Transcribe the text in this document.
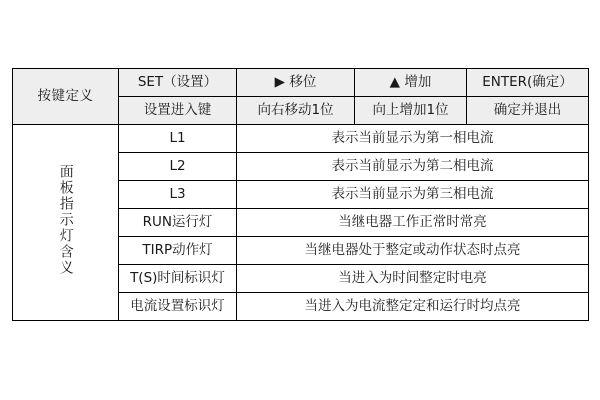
按键定义	SET（设置）	▶ 移位	▲ 增加	ENTER(确定）
	设置进入键	向右移动1位	向上增加1位	确定并退出
面板指示灯含义	L1	表示当前显示为第一相电流		
	L2	表示当前显示为第二相电流		
	L3	表示当前显示为第三相电流		
	RUN运行灯	当继电器工作正常时常亮		
	TIRP动作灯	当继电器处于整定或动作状态时点亮		
	T(S)时间标识灯	当进入为时间整定时电亮		
	电流设置标识灯	当进入为电流整定定和运行时均点亮		
